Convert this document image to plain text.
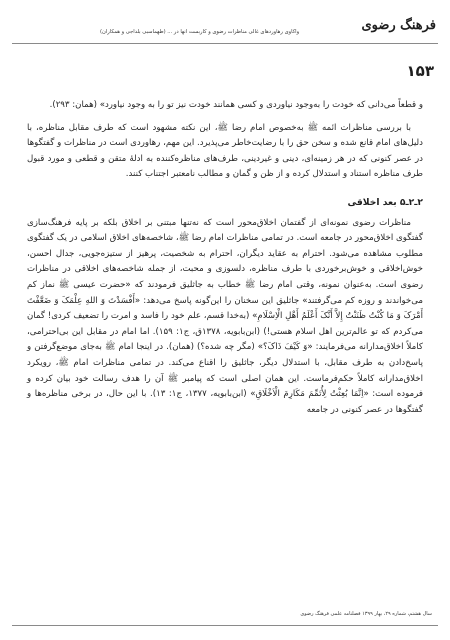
فرهنگ رضوی
واکاوی رهاوردهای غالی مناظرات رضوی و کاربست آنها در ... (طهماسبی بلداجی و همکاران)
۱۵۳

و قطعاً می‌دانی که خودت را به‌وجود نیاوردی و کسی همانند خودت نیز تو را به وجود نیاورد» (همان: ۲۹۳).

با بررسی مناظرات ائمه ﷺ به‌خصوص امام رضا ﷺ، این نکته مشهود است که طرف مقابل مناظره، با دلیل‌های امام قانع شده و سخن حق را با رضایت‌خاطر می‌پذیرد. این مهم، رهاوردی است در مناظرات و گفتگوها در عصر کنونی که در هر زمینه‌ای، دینی و غیردینی، طرف‌های مناظره‌کننده به ادلهٔ متقن و قطعی و مورد قبول طرف مناظره استناد و استدلال کرده و از ظن و گمان و مطالب نامعتبر اجتناب کنند.

۲ـ۲ـ۵ بعد اخلاقی

مناظرات رضوی نمونه‌ای از گفتمان اخلاق‌محور است که نه‌تنها مبتنی بر اخلاق بلکه بر پایه فرهنگ‌سازی گفتگوی اخلاق‌محور در جامعه است. در تمامی مناظرات امام رضا ﷺ، شاخصه‌های اخلاق اسلامی در یک گفتگوی مطلوب مشاهده می‌شود. احترام به عقاید دیگران، احترام به شخصیت، پرهیز از ستیزه‌جویی، جدال احسن، خوش‌اخلاقی و خوش‌برخوردی با طرف مناظره، دلسوزی و محبت، از جمله شاخصه‌های اخلاقی در مناظرات رضوی است. به‌عنوان نمونه، وقتی امام رضا ﷺ خطاب به جاثلیق فرمودند که «حضرت عیسی ﷺ نماز کم می‌خواندند و روزه کم می‌گرفتند» جاثلیق این سخنان را این‌گونه پاسخ می‌دهد: «أَفْسَدْتَ وَ اللهِ عِلْمَکَ وَ ضَعَّفْتَ أَمْرَکَ وَ مَا کُنْتُ ظَنَنْتُ إِلاَّ أَنَّکَ أَعْلَمُ أَهْلِ الْاِسْلَامِ» (به‌خدا قسم، علم خود را فاسد و امرت را تضعیف کردی! گمان می‌کردم که تو عالم‌ترین اهل اسلام هستی!) (ابن‌بابویه، ۱۳۷۸ق، ج۱: ۱۵۹). اما امام در مقابل این بی‌احترامی، کاملاً اخلاق‌مدارانه می‌فرمایند: «وَ کَیْفَ ذَاکَ؟» (مگر چه شده؟) (همان). در اینجا امام ﷺ به‌جای موضع‌گرفتن و پاسخ‌دادن به طرف مقابل، با استدلال دیگر، جاثلیق را اقناع می‌کند. در تمامی مناظرات امام ﷺ، رویکرد اخلاق‌مدارانه کاملاً حکم‌فرماست. این همان اصلی است که پیامبر ﷺ آن را هدف رسالت خود بیان کرده و فرموده است: «اِنَّمَا بُعِثْتُ لِأُتَمِّمَ مَکَارِمَ الْاَخْلَاقِ» (ابن‌بابویه، ۱۳۷۷، ج۱: ۱۳). با این حال، در برخی مناظره‌ها و گفتگوها در عصر کنونی در جامعه

سال هشتم، شماره ۲۹، بهار ۱۳۹۹ فصلنامه علمی فرهنگ رضوی
